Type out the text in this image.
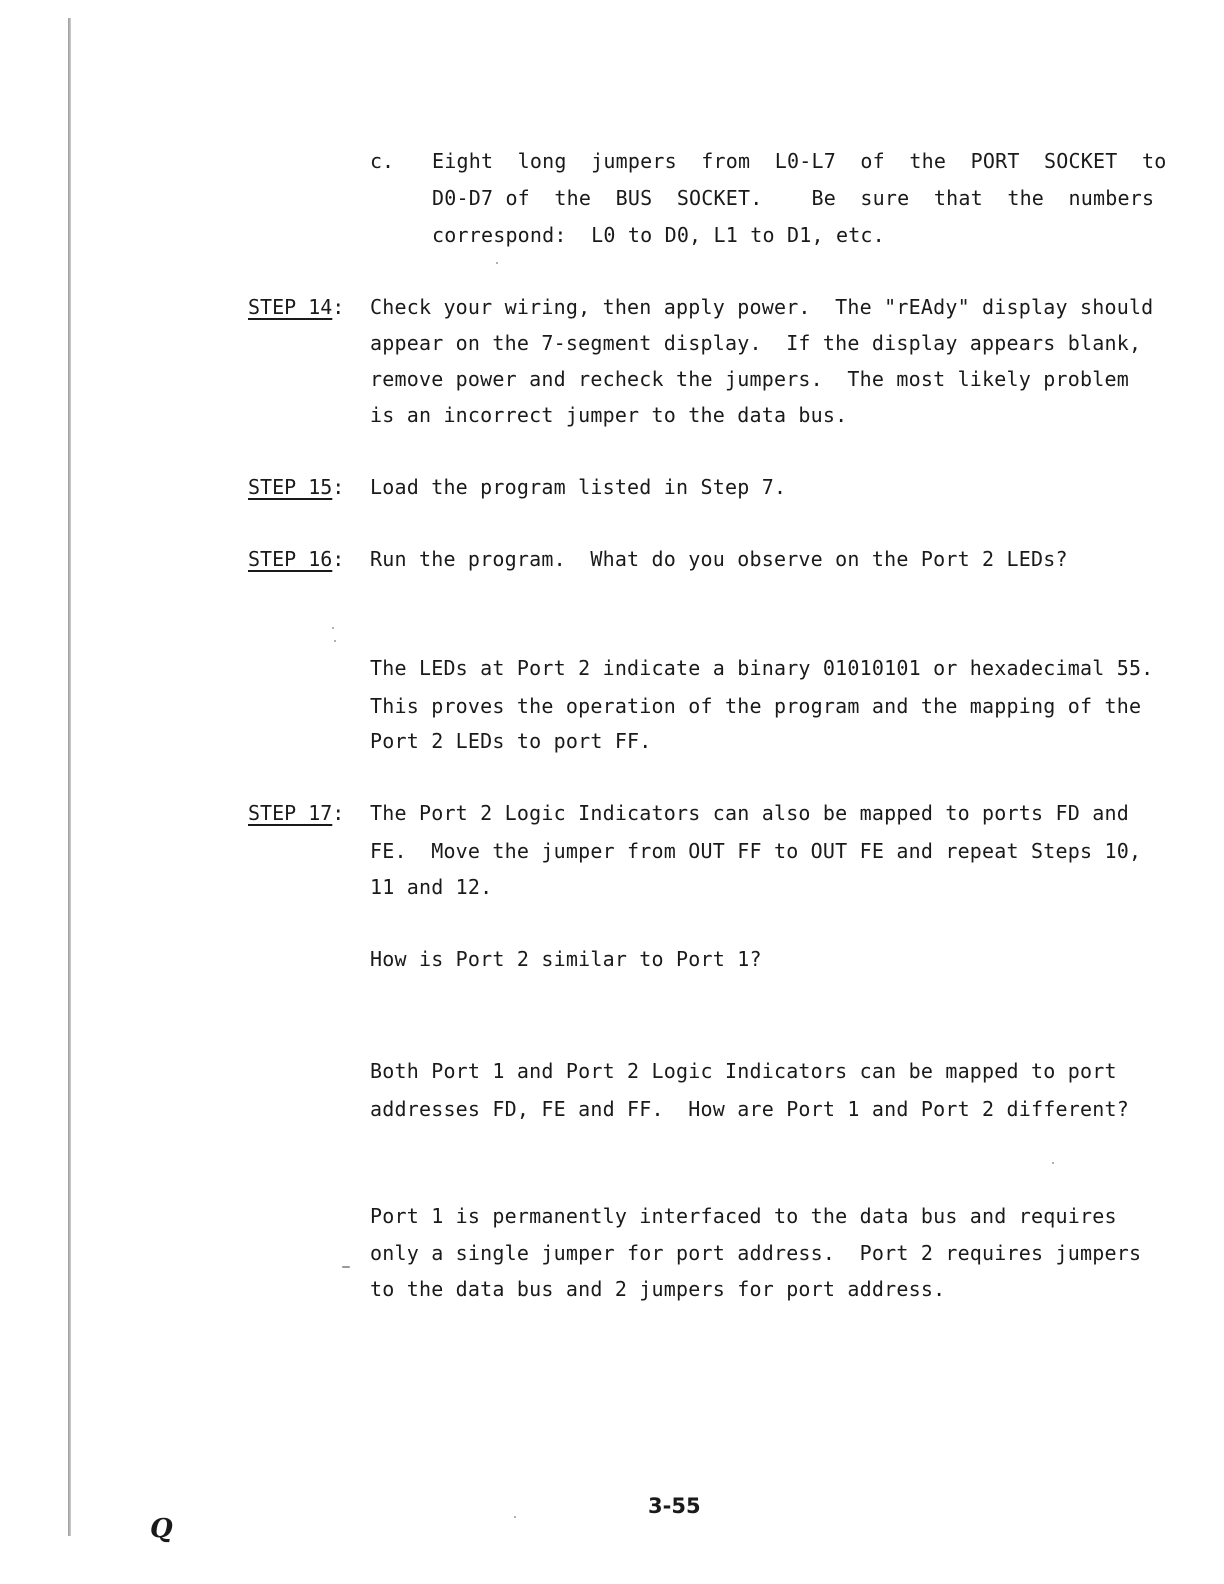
c. Eight  long  jumpers  from  L0-L7  of  the  PORT  SOCKET  to
D0-D7 of  the  BUS  SOCKET.    Be  sure  that  the  numbers
correspond:  L0 to D0, L1 to D1, etc.
STEP 14: Check your wiring, then apply power.  The "rEAdy" display should
appear on the 7-segment display.  If the display appears blank,
remove power and recheck the jumpers.  The most likely problem
is an incorrect jumper to the data bus.
STEP 15: Load the program listed in Step 7.
STEP 16: Run the program.  What do you observe on the Port 2 LEDs?
The LEDs at Port 2 indicate a binary 01010101 or hexadecimal 55.
This proves the operation of the program and the mapping of the
Port 2 LEDs to port FF.
STEP 17: The Port 2 Logic Indicators can also be mapped to ports FD and
FE.  Move the jumper from OUT FF to OUT FE and repeat Steps 10,
11 and 12.
How is Port 2 similar to Port 1?
Both Port 1 and Port 2 Logic Indicators can be mapped to port
addresses FD, FE and FF.  How are Port 1 and Port 2 different?
Port 1 is permanently interfaced to the data bus and requires
only a single jumper for port address.  Port 2 requires jumpers
to the data bus and 2 jumpers for port address.
3-55
Q
